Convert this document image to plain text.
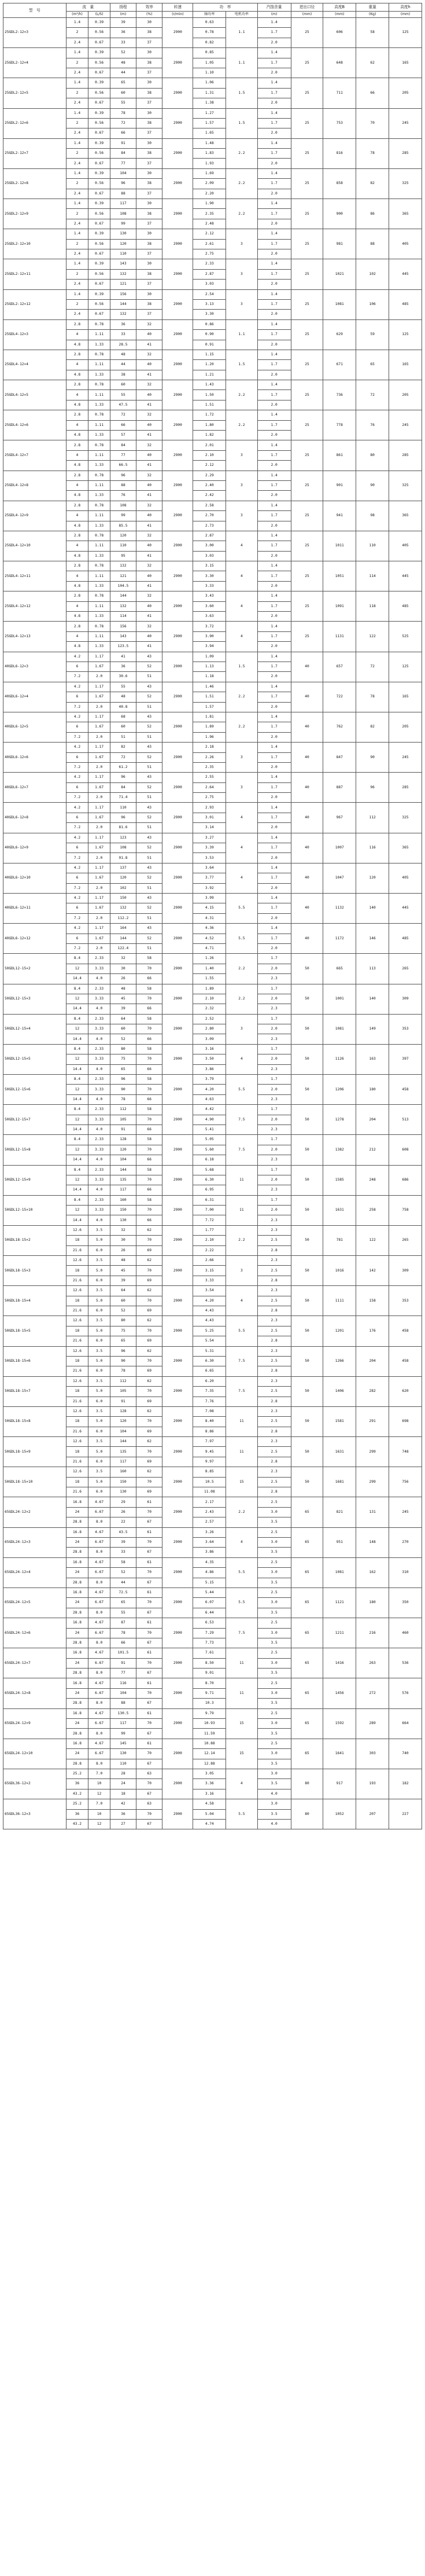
型　号	流　量		扬程	效率	转速	功　率		汽蚀余量	进出口径	高度B	重量	高度h
	(m³/h)	(L/S)	(m)	(%)	(r/min)	轴功率	电机功率	(m)	(mm)	(mm)	(Kg)	(mm)
25GDL2-12×3	1.4	0.39	39	30	2900	0.63	1.1	1.4	25	606	58	125
	2	0.56	36	38		0.78		1.7				
	2.4	0.67	33	37		0.82		2.0				
25GDL2-12×4	1.4	0.39	52	30	2900	0.85	1.1	1.4	25	648	62	165
	2	0.56	48	38		1.05		1.7				
	2.4	0.67	44	37		1.10		2.0				
25GDL2-12×5	1.4	0.39	65	30	2900	1.06	1.5	1.4	25	711	66	205
	2	0.56	60	38		1.31		1.7				
	2.4	0.67	55	37		1.38		2.0				
25GDL2-12×6	1.4	0.39	78	30	2900	1.27	1.5	1.4	25	753	70	245
	2	0.56	72	38		1.57		1.7				
	2.4	0.67	66	37		1.65		2.0				
25GDL2-12×7	1.4	0.39	91	30	2900	1.48	2.2	1.4	25	816	78	285
	2	0.56	84	38		1.83		1.7				
	2.4	0.67	77	37		1.93		2.0				
25GDL2-12×8	1.4	0.39	104	30	2900	1.69	2.2	1.4	25	858	82	325
	2	0.56	96	38		2.09		1.7				
	2.4	0.67	88	37		2.20		2.0				
25GDL2-12×9	1.4	0.39	117	30	2900	1.90	2.2	1.4	25	900	86	365
	2	0.56	108	38		2.35		1.7				
	2.4	0.67	99	37		2.48		2.0				
25GDL2-12×10	1.4	0.39	130	30	2900	2.12	3	1.4	25	981	88	405
	2	0.56	120	38		2.61		1.7				
	2.4	0.67	110	37		2.75		2.0				
25GDL2-12×11	1.4	0.39	143	30	2900	2.33	3	1.4	25	1021	102	445
	2	0.56	132	38		2.87		1.7				
	2.4	0.67	121	37		3.03		2.0				
25GDL2-12×12	1.4	0.39	156	30	2900	2.54	3	1.4	25	1081	106	485
	2	0.56	144	38		3.13		1.7				
	2.4	0.67	132	37		3.30		2.0				
25GDL4-12×3	2.8	0.78	36	32	2900	0.86	1.1	1.4	25	629	59	125
	4	1.11	33	40		0.90		1.7				
	4.8	1.33	28.5	41		0.91		2.0				
25GDL4-12×4	2.8	0.78	48	32	2900	1.15	1.5	1.4	25	671	65	165
	4	1.11	44	40		1.20		1.7				
	4.8	1.33	38	41		1.21		2.0				
25GDL4-12×5	2.8	0.78	60	32	2900	1.43	2.2	1.4	25	736	72	205
	4	1.11	55	40		1.50		1.7				
	4.8	1.33	47.5	41		1.51		2.0				
25GDL4-12×6	2.8	0.78	72	32	2900	1.72	2.2	1.4	25	778	76	245
	4	1.11	66	40		1.80		1.7				
	4.8	1.33	57	41		1.82		2.0				
25GDL4-12×7	2.8	0.78	84	32	2900	2.01	3	1.4	25	861	80	285
	4	1.11	77	40		2.10		1.7				
	4.8	1.33	66.5	41		2.12		2.0				
25GDL4-12×8	2.8	0.78	96	32	2900	2.29	3	1.4	25	901	90	325
	4	1.11	88	40		2.40		1.7				
	4.8	1.33	76	41		2.42		2.0				
25GDL4-12×9	2.8	0.78	108	32	2900	2.58	3	1.4	25	941	98	365
	4	1.11	99	40		2.70		1.7				
	4.8	1.33	85.5	41		2.73		2.0				
25GDL4-12×10	2.8	0.78	120	32	2900	2.87	4	1.4	25	1011	110	405
	4	1.11	110	40		3.00		1.7				
	4.8	1.33	95	41		3.03		2.0				
25GDL4-12×11	2.8	0.78	132	32	2900	3.15	4	1.4	25	1051	114	445
	4	1.11	121	40		3.30		1.7				
	4.8	1.33	104.5	41		3.33		2.0				
25GDL4-12×12	2.8	0.78	144	32	2900	3.43	4	1.4	25	1091	118	485
	4	1.11	132	40		3.60		1.7				
	4.8	1.33	114	41		3.63		2.0				
25GDL4-12×13	2.8	0.78	156	32	2900	3.72	4	1.4	25	1131	122	525
	4	1.11	143	40		3.90		1.7				
	4.8	1.33	123.5	41		3.94		2.0				
40GDL6-12×3	4.2	1.17	41	43	2900	1.09	1.5	1.4	40	657	72	125
	6	1.67	36	52		1.13		1.7				
	7.2	2.0	30.6	51		1.18		2.0				
40GDL6-12×4	4.2	1.17	55	43	2900	1.46	2.2	1.4	40	722	78	165
	6	1.67	48	52		1.51		1.7				
	7.2	2.0	40.8	51		1.57		2.0				
40GDL6-12×5	4.2	1.17	68	43	2900	1.81	2.2	1.4	40	762	82	205
	6	1.67	60	52		1.89		1.7				
	7.2	2.0	51	51		1.96		2.0				
40GDL6-12×6	4.2	1.17	82	43	2900	2.18	3	1.4	40	847	90	245
	6	1.67	72	52		2.26		1.7				
	7.2	2.0	61.2	51		2.35		2.0				
40GDL6-12×7	4.2	1.17	96	43	2900	2.55	3	1.4	40	887	96	285
	6	1.67	84	52		2.64		1.7				
	7.2	2.0	71.4	51		2.75		2.0				
40GDL6-12×8	4.2	1.17	110	43	2900	2.93	4	1.4	40	967	112	325
	6	1.67	96	52		3.01		1.7				
	7.2	2.0	81.6	51		3.14		2.0				
40GDL6-12×9	4.2	1.17	123	43	2900	3.27	4	1.4	40	1007	116	365
	6	1.67	108	52		3.39		1.7				
	7.2	2.0	91.8	51		3.53		2.0				
40GDL6-12×10	4.2	1.17	137	43	2900	3.64	4	1.4	40	1047	120	405
	6	1.67	120	52		3.77		1.7				
	7.2	2.0	102	51		3.92		2.0				
40GDL6-12×11	4.2	1.17	150	43	2900	3.99	5.5	1.4	40	1132	140	445
	6	1.67	132	52		4.15		1.7				
	7.2	2.0	112.2	51		4.31		2.0				
40GDL6-12×12	4.2	1.17	164	43	2900	4.36	5.5	1.4	40	1172	146	485
	6	1.67	144	52		4.52		1.7				
	7.2	2.0	122.4	51		4.71		2.0				
50GDL12-15×2	8.4	2.33	32	58	2900	1.26	2.2	1.7	50	665	113	265
	12	3.33	30	70		1.40		2.0				
	14.4	4.0	26	66		1.55		2.3				
50GDL12-15×3	8.4	2.33	48	58	2900	1.89	2.2	1.7	50	1001	140	309
	12	3.33	45	70		2.10		2.0				
	14.4	4.0	39	66		2.32		2.3				
50GDL12-15×4	8.4	2.33	64	58	2900	2.52	3	1.7	50	1081	149	353
	12	3.33	60	70		2.80		2.0				
	14.4	4.0	52	66		3.09		2.3				
50GDL12-15×5	8.4	2.33	80	58	2900	3.16	4	1.7	50	1126	163	397
	12	3.33	75	70		3.50		2.0				
	14.4	4.0	65	66		3.86		2.3				
50GDL12-15×6	8.4	2.33	96	58	2900	3.79	5.5	1.7	50	1206	180	458
	12	3.33	90	70		4.20		2.0				
	14.4	4.0	78	66		4.63		2.3				
50GDL12-15×7	8.4	2.33	112	58	2900	4.42	7.5	1.7	50	1278	204	513
	12	3.33	105	70		4.90		2.0				
	14.4	4.0	91	66		5.41		2.3				
50GDL12-15×8	8.4	2.33	128	58	2900	5.05	7.5	1.7	50	1382	212	608
	12	3.33	120	70		5.60		2.0				
	14.4	4.0	104	66		6.18		2.3				
50GDL12-15×9	8.4	2.33	144	58	2900	5.68	11	1.7	50	1585	248	686
	12	3.33	135	70		6.30		2.0				
	14.4	4.0	117	66		6.95		2.3				
50GDL12-15×10	8.4	2.33	160	58	2900	6.31	11	1.7	50	1631	258	758
	12	3.33	150	70		7.00		2.0				
	14.4	4.0	130	66		7.72		2.3				
50GDL18-15×2	12.6	3.5	32	62	2900	1.77	2.2	2.3	50	781	122	265
	18	5.0	30	70		2.10		2.5				
	21.6	6.0	26	69		2.22		2.8				
50GDL18-15×3	12.6	3.5	48	62	2900	2.66	3	2.3	50	1016	142	309
	18	5.0	45	70		3.15		2.5				
	21.6	6.0	39	69		3.33		2.8				
50GDL18-15×4	12.6	3.5	64	62	2900	3.54	4	2.3	50	1111	158	353
	18	5.0	60	70		4.20		2.5				
	21.6	6.0	52	69		4.43		2.8				
50GDL18-15×5	12.6	3.5	80	62	2900	4.43	5.5	2.3	50	1201	176	458
	18	5.0	75	70		5.25		2.5				
	21.6	6.0	65	69		5.54		2.8				
50GDL18-15×6	12.6	3.5	96	62	2900	5.31	7.5	2.3	50	1266	204	458
	18	5.0	90	70		6.30		2.5				
	21.6	6.0	78	69		6.65		2.8				
50GDL18-15×7	12.6	3.5	112	62	2900	6.20	7.5	2.3	50	1406	282	620
	18	5.0	105	70		7.35		2.5				
	21.6	6.0	91	69		7.76		2.8				
50GDL18-15×8	12.6	3.5	128	62	2900	7.08	11	2.3	50	1581	291	698
	18	5.0	120	70		8.40		2.5				
	21.6	6.0	104	69		8.86		2.8				
50GDL18-15×9	12.6	3.5	144	62	2900	7.97	11	2.3	50	1631	299	748
	18	5.0	135	70		9.45		2.5				
	21.6	6.0	117	69		9.97		2.8				
50GDL18-15×10	12.6	3.5	160	62	2900	8.85	15	2.3	50	1681	299	756
	18	5.0	150	70		10.5		2.5				
	21.6	6.0	130	69		11.08		2.8				
65GDL24-12×2	16.8	4.67	29	61	2900	2.17	2.2	2.5	65	821	131	245
	24	6.67	26	70		2.43		3.0				
	28.8	8.0	22	67		2.57		3.5				
65GDL24-12×3	16.8	4.67	43.5	61	2900	3.26	4	2.5	65	951	148	270
	24	6.67	39	70		3.64		3.0				
	28.8	8.0	33	67		3.86		3.5				
65GDL24-12×4	16.8	4.67	58	61	2900	4.35	5.5	2.5	65	1081	162	310
	24	6.67	52	70		4.86		3.0				
	28.8	8.0	44	67		5.15		3.5				
65GDL24-12×5	16.8	4.67	72.5	61	2900	5.44	5.5	2.5	65	1121	180	350
	24	6.67	65	70		6.07		3.0				
	28.8	8.0	55	67		6.44		3.5				
65GDL24-12×6	16.8	4.67	87	61	2900	6.53	7.5	2.5	65	1211	216	460
	24	6.67	78	70		7.29		3.0				
	28.8	8.0	66	67		7.73		3.5				
65GDL24-12×7	16.8	4.67	101.5	61	2900	7.61	11	2.5	65	1416	263	536
	24	6.67	91	70		8.50		3.0				
	28.8	8.0	77	67		9.01		3.5				
65GDL24-12×8	16.8	4.67	116	61	2900	8.70	11	2.5	65	1456	272	576
	24	6.67	104	70		9.71		3.0				
	28.8	8.0	88	67		10.3		3.5				
65GDL24-12×9	16.8	4.67	130.5	61	2900	9.79	15	2.5	65	1592	289	664
	24	6.67	117	70		10.93		3.0				
	28.8	8.0	99	67		11.59		3.5				
65GDL24-12×10	16.8	4.67	145	61	2900	10.88	15	2.5	65	1641	303	740
	24	6.67	130	70		12.14		3.0				
	28.8	8.0	110	67		12.88		3.5				
65GDL36-12×2	25.2	7.0	28	63	2900	3.05	4	3.0	80	917	193	182
	36	10	24	70		3.36		3.5				
	43.2	12	18	67		3.16		4.0				
65GDL36-12×3	25.2	7.0	42	63	2900	4.58	5.5	3.0	80	1052	207	227
	36	10	36	70		5.04		3.5				
	43.2	12	27	67		4.74		4.0				
